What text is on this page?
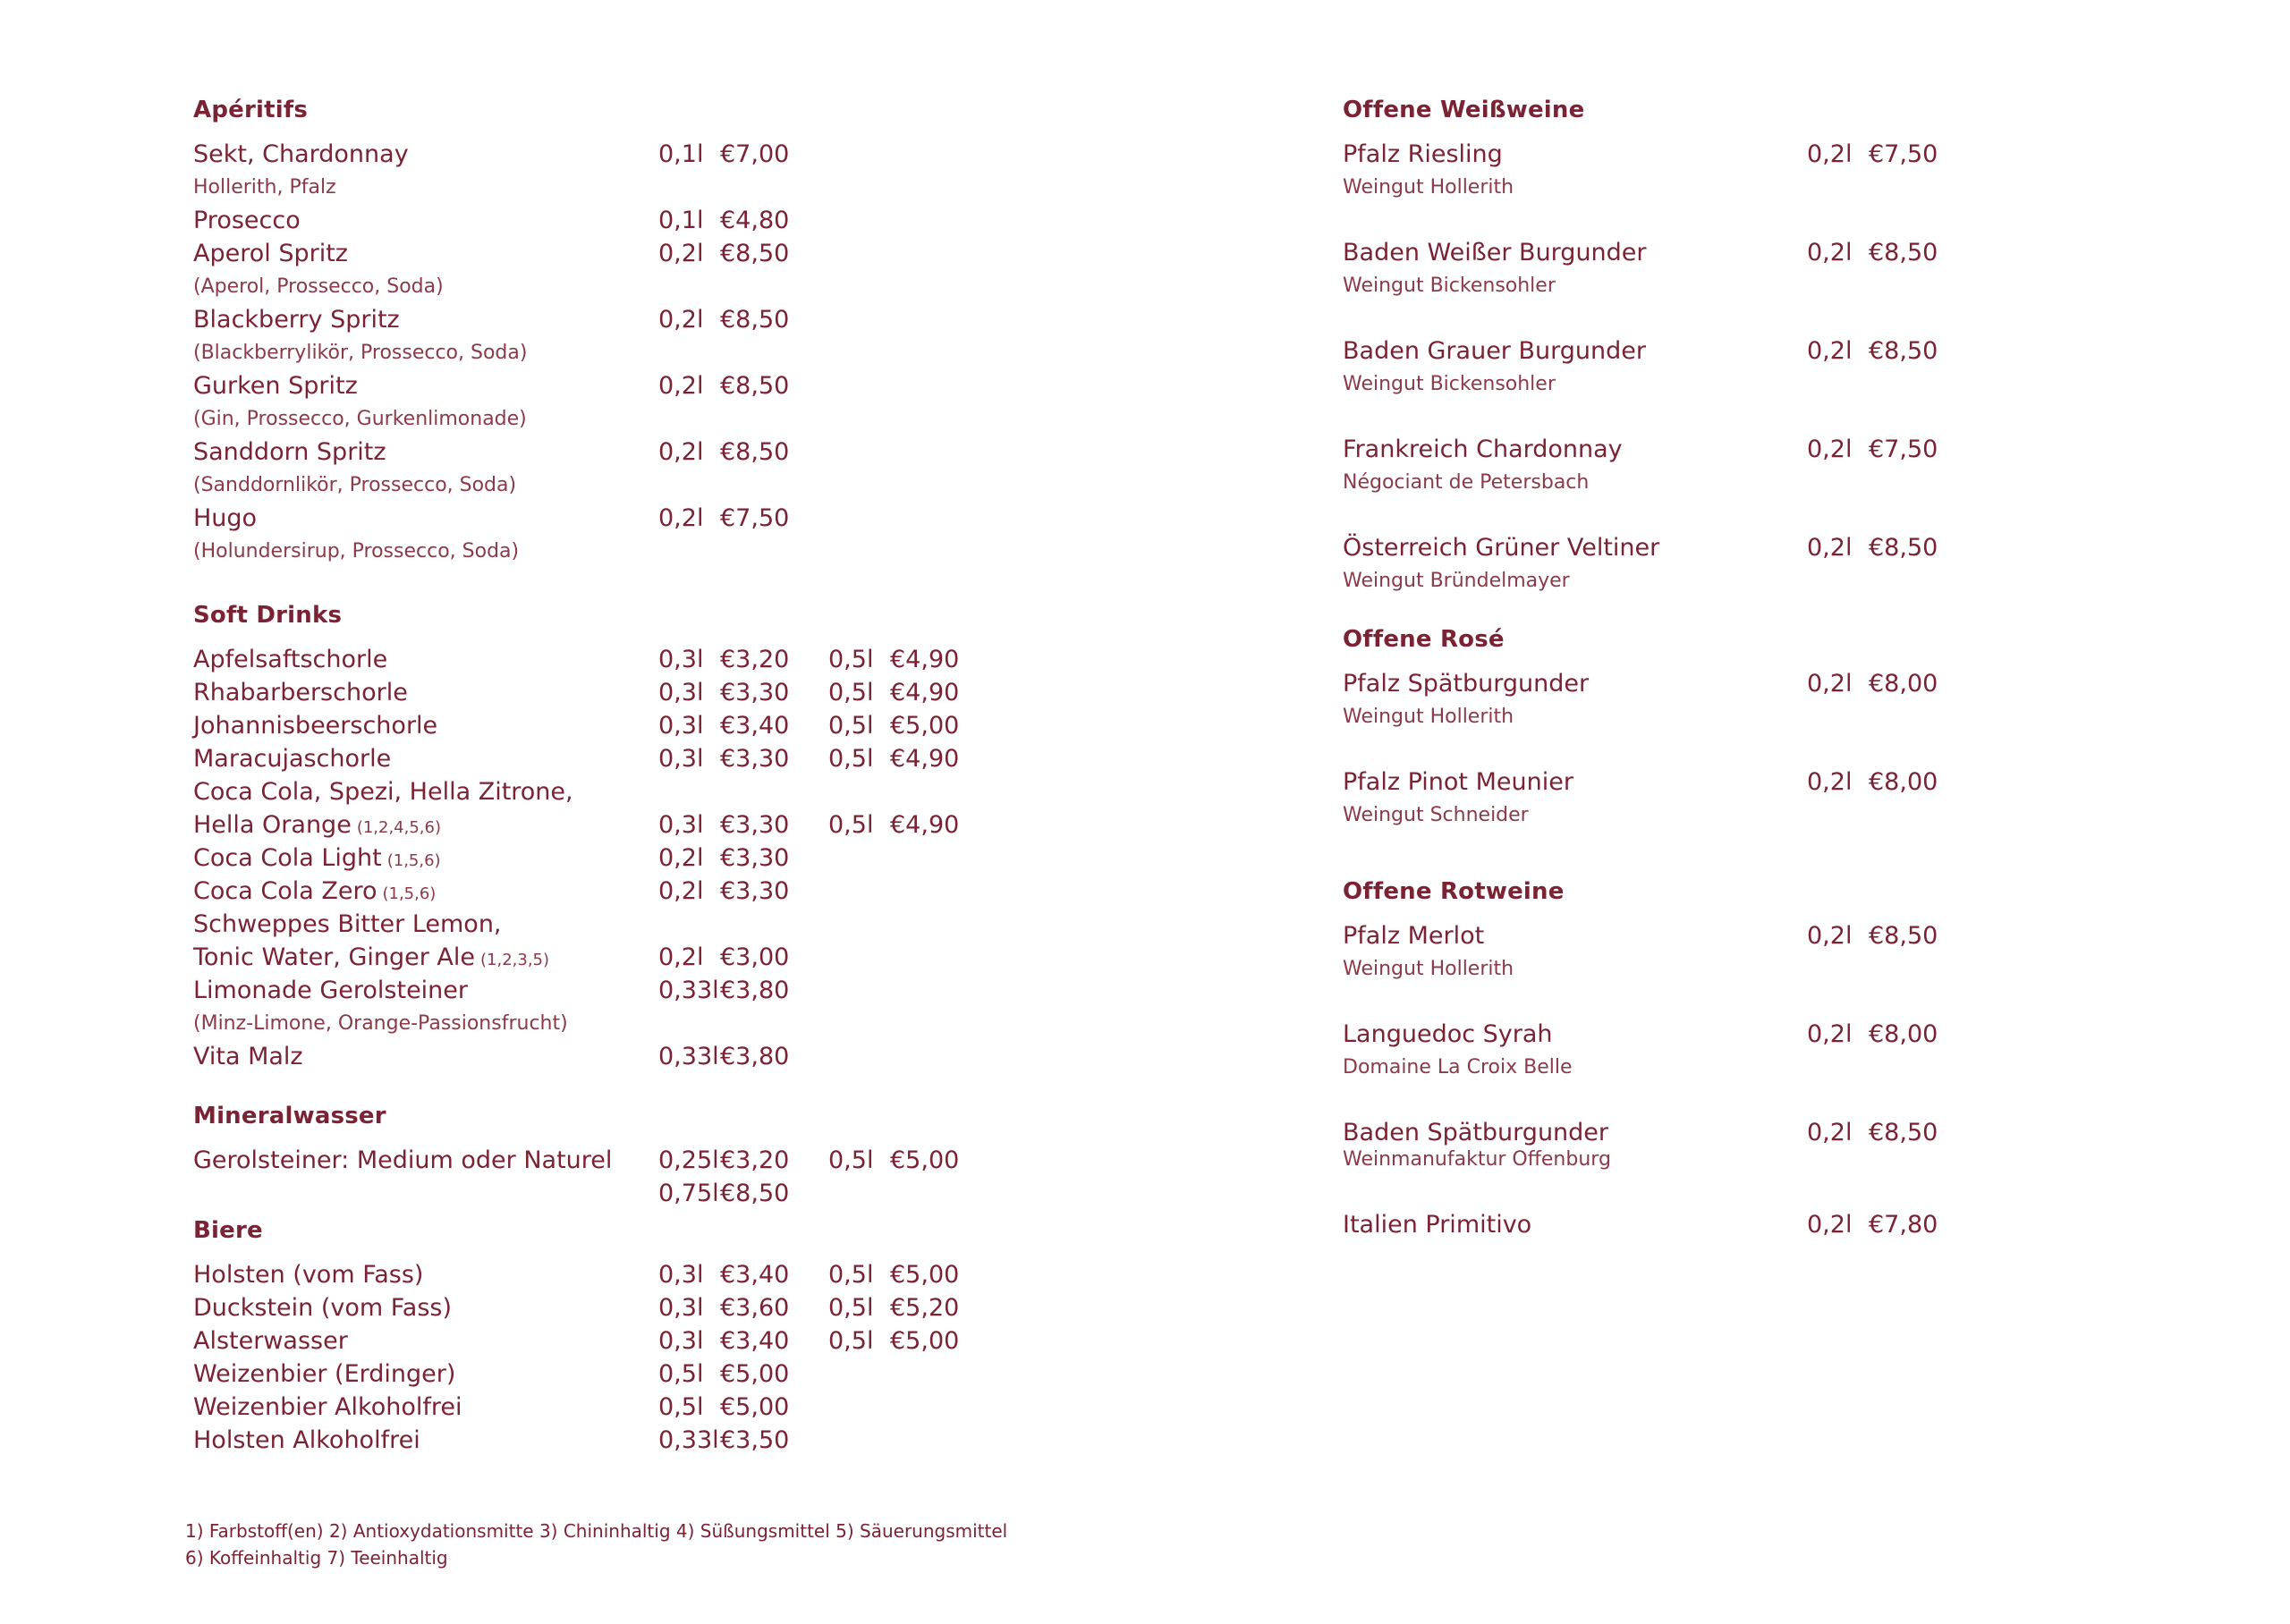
Apéritifs
Sekt, Chardonnay	0,1l €7,00
Hollerith, Pfalz
Prosecco	0,1l €4,80
Aperol Spritz	0,2l €8,50
(Aperol, Prossecco, Soda)
Blackberry Spritz	0,2l €8,50
(Blackberrylikör, Prossecco, Soda)
Gurken Spritz	0,2l €8,50
(Gin, Prossecco, Gurkenlimonade)
Sanddorn Spritz	0,2l €8,50
(Sanddornlikör, Prossecco, Soda)
Hugo	0,2l €7,50
(Holundersirup, Prossecco, Soda)
Soft Drinks
Apfelsaftschorle	0,3l €3,20 0,5l €4,90
Rhabarberschorle	0,3l €3,30 0,5l €4,90
Johannisbeerschorle	0,3l €3,40 0,5l €5,00
Maracujaschorle	0,3l €3,30 0,5l €4,90
Coca Cola, Spezi, Hella Zitrone,
Hella Orange (1,2,4,5,6)	0,3l €3,30 0,5l €4,90
Coca Cola Light (1,5,6)	0,2l €3,30
Coca Cola Zero (1,5,6)	0,2l €3,30
Schweppes Bitter Lemon,
Tonic Water, Ginger Ale (1,2,3,5)	0,2l €3,00
Limonade Gerolsteiner	0,33l €3,80
(Minz-Limone, Orange-Passionsfrucht)
Vita Malz	0,33l €3,80
Mineralwasser
Gerolsteiner: Medium oder Naturel 0,25l €3,20 0,5l €5,00
0,75l €8,50
Biere
Holsten (vom Fass)	0,3l €3,40 0,5l €5,00
Duckstein (vom Fass)	0,3l €3,60 0,5l €5,20
Alsterwasser	0,3l €3,40 0,5l €5,00
Weizenbier (Erdinger)	0,5l €5,00
Weizenbier Alkoholfrei	0,5l €5,00
Holsten Alkoholfrei	0,33l €3,50
Offene Weißweine
Pfalz Riesling	0,2l €7,50
Weingut Hollerith
Baden Weißer Burgunder	0,2l €8,50
Weingut Bickensohler
Baden Grauer Burgunder	0,2l €8,50
Weingut Bickensohler
Frankreich Chardonnay	0,2l €7,50
Négociant de Petersbach
Österreich Grüner Veltiner	0,2l €8,50
Weingut Bründelmayer
Offene Rosé
Pfalz Spätburgunder	0,2l €8,00
Weingut Hollerith
Pfalz Pinot Meunier	0,2l €8,00
Weingut Schneider
Offene Rotweine
Pfalz Merlot	0,2l €8,50
Weingut Hollerith
Languedoc Syrah	0,2l €8,00
Domaine La Croix Belle
Baden Spätburgunder	0,2l €8,50
Weinmanufaktur Offenburg
Italien Primitivo	0,2l €7,80
1) Farbstoff(en) 2) Antioxydationsmitte 3) Chininhaltig 4) Süßungsmittel 5) Säuerungsmittel
6) Koffeinhaltig 7) Teeinhaltig
